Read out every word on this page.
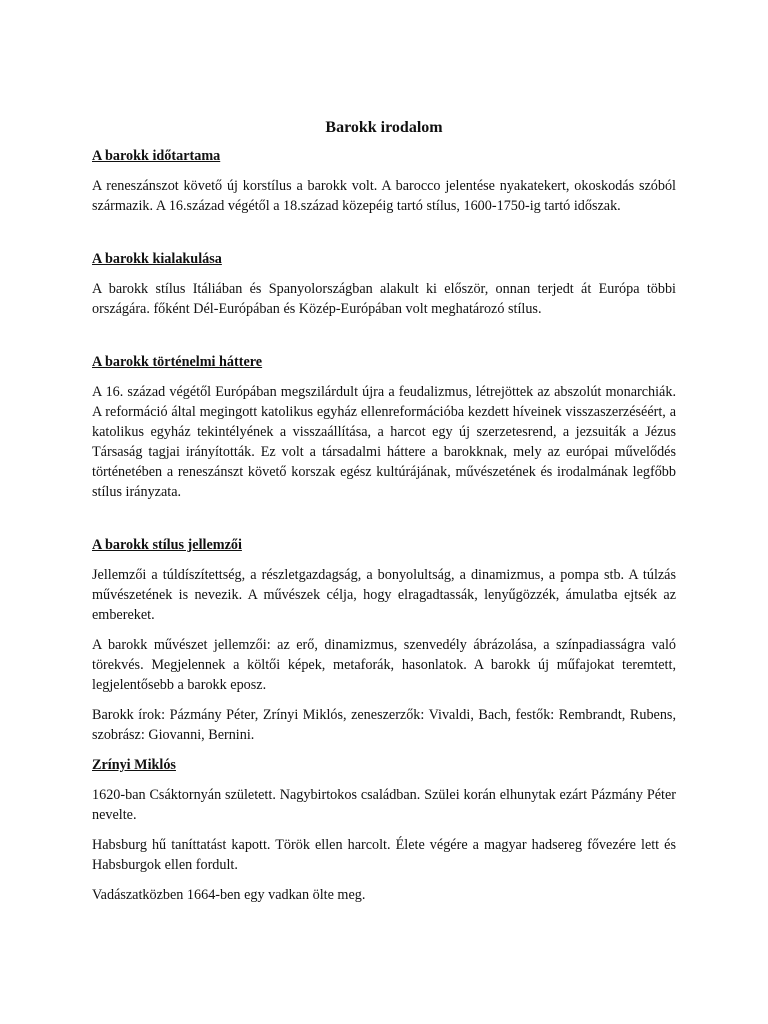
Barokk irodalom
A barokk időtartama

A reneszánszot követő új korstílus a barokk volt. A barocco jelentése nyakatekert, okoskodás szóból származik. A 16.század végétől a 18.század közepéig tartó stílus, 1600-1750-ig tartó időszak.

A barokk kialakulása

A barokk stílus Itáliában és Spanyolországban alakult ki először, onnan terjedt át Európa többi országára. főként Dél-Európában és Közép-Európában volt meghatározó stílus.

A barokk történelmi háttere

A 16. század végétől Európában megszilárdult újra a feudalizmus, létrejöttek az abszolút monarchiák. A reformáció által megingott katolikus egyház ellenreformációba kezdett híveinek visszaszerzéséért, a katolikus egyház tekintélyének a visszaállítása, a harcot egy új szerzetesrend, a jezsuiták a Jézus Társaság tagjai irányították. Ez volt a társadalmi háttere a barokknak, mely az európai művelődés történetében a reneszánszt követő korszak egész kultúrájának, művészetének és irodalmának legfőbb stílus irányzata.

A barokk stílus jellemzői

Jellemzői a túldíszítettség, a részletgazdagság, a bonyolultság, a dinamizmus, a pompa stb. A túlzás művészetének is nevezik. A művészek célja, hogy elragadtassák, lenyűgözzék, ámulatba ejtsék az embereket.

A barokk művészet jellemzői: az erő, dinamizmus, szenvedély ábrázolása, a színpadiasságra való törekvés. Megjelennek a költői képek, metaforák, hasonlatok. A barokk új műfajokat teremtett, legjelentősebb a barokk eposz.

Barokk írok: Pázmány Péter, Zrínyi Miklós, zeneszerzők: Vivaldi, Bach, festők: Rembrandt, Rubens, szobrász: Giovanni, Bernini.

Zrínyi Miklós

1620-ban Csáktornyán született. Nagybirtokos családban. Szülei korán elhunytak ezárt Pázmány Péter nevelte.

Habsburg hű taníttatást kapott. Török ellen harcolt. Élete végére a magyar hadsereg fővezére lett és Habsburgok ellen fordult.

Vadászatközben 1664-ben egy vadkan ölte meg.
